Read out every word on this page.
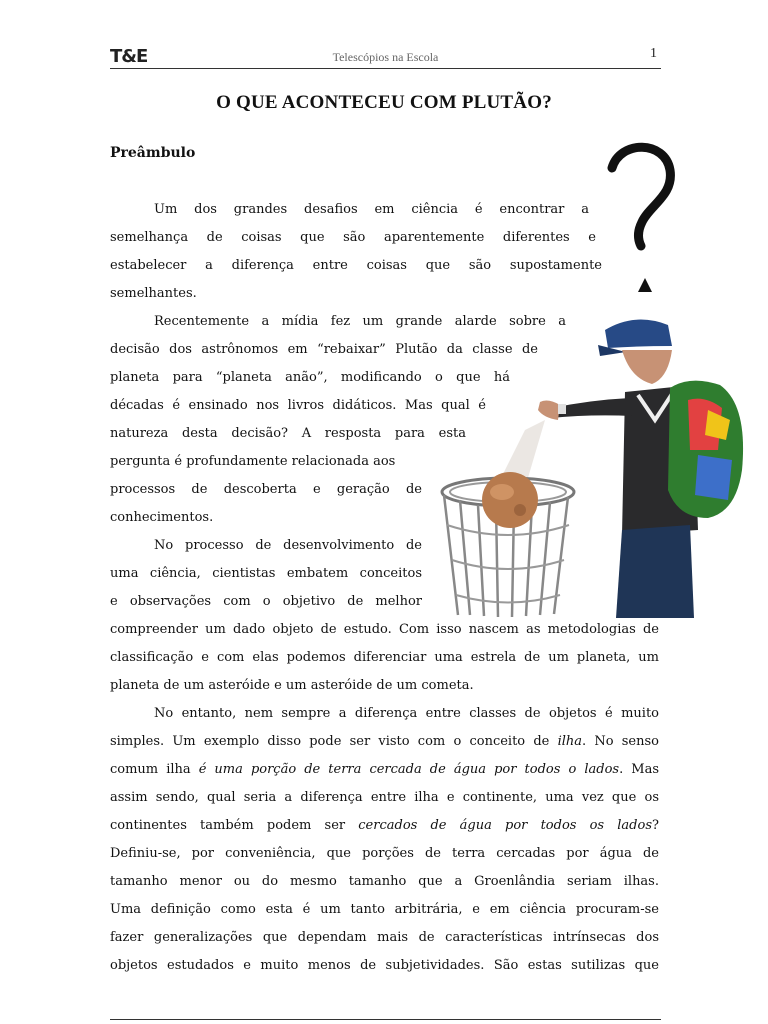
T&E	Telescópios na Escola	1
O QUE ACONTECEU COM PLUTÃO?
Preâmbulo
Um dos grandes desafios em ciência é encontrar a
semelhança de coisas que são aparentemente diferentes e
estabelecer a diferença entre coisas que são supostamente
semelhantes.
Recentemente a mídia fez um grande alarde sobre a
decisão dos astrônomos em “rebaixar” Plutão da classe de
planeta para “planeta anão”, modificando o que há
décadas é ensinado nos livros didáticos. Mas qual é
natureza desta decisão? A resposta para esta
pergunta é profundamente relacionada aos
processos de descoberta e geração de
conhecimentos.
No processo de desenvolvimento de
uma ciência, cientistas embatem conceitos
e observações com o objetivo de melhor
compreender um dado objeto de estudo. Com isso nascem as metodologias de
classificação e com elas podemos diferenciar uma estrela de um planeta, um
planeta de um asteróide e um asteróide de um cometa.
No entanto, nem sempre a diferença entre classes de objetos é muito
simples. Um exemplo disso pode ser visto com o conceito de ilha. No senso
comum ilha é uma porção de terra cercada de água por todos o lados. Mas
assim sendo, qual seria a diferença entre ilha e continente, uma vez que os
continentes também podem ser cercados de água por todos os lados?
Definiu-se, por conveniência, que porções de terra cercadas por água de
tamanho menor ou do mesmo tamanho que a Groenlândia seriam ilhas.
Uma definição como esta é um tanto arbitrária, e em ciência procuram-se
fazer generalizações que dependam mais de características intrínsecas dos
objetos estudados e muito menos de subjetividades. São estas sutilizas que
